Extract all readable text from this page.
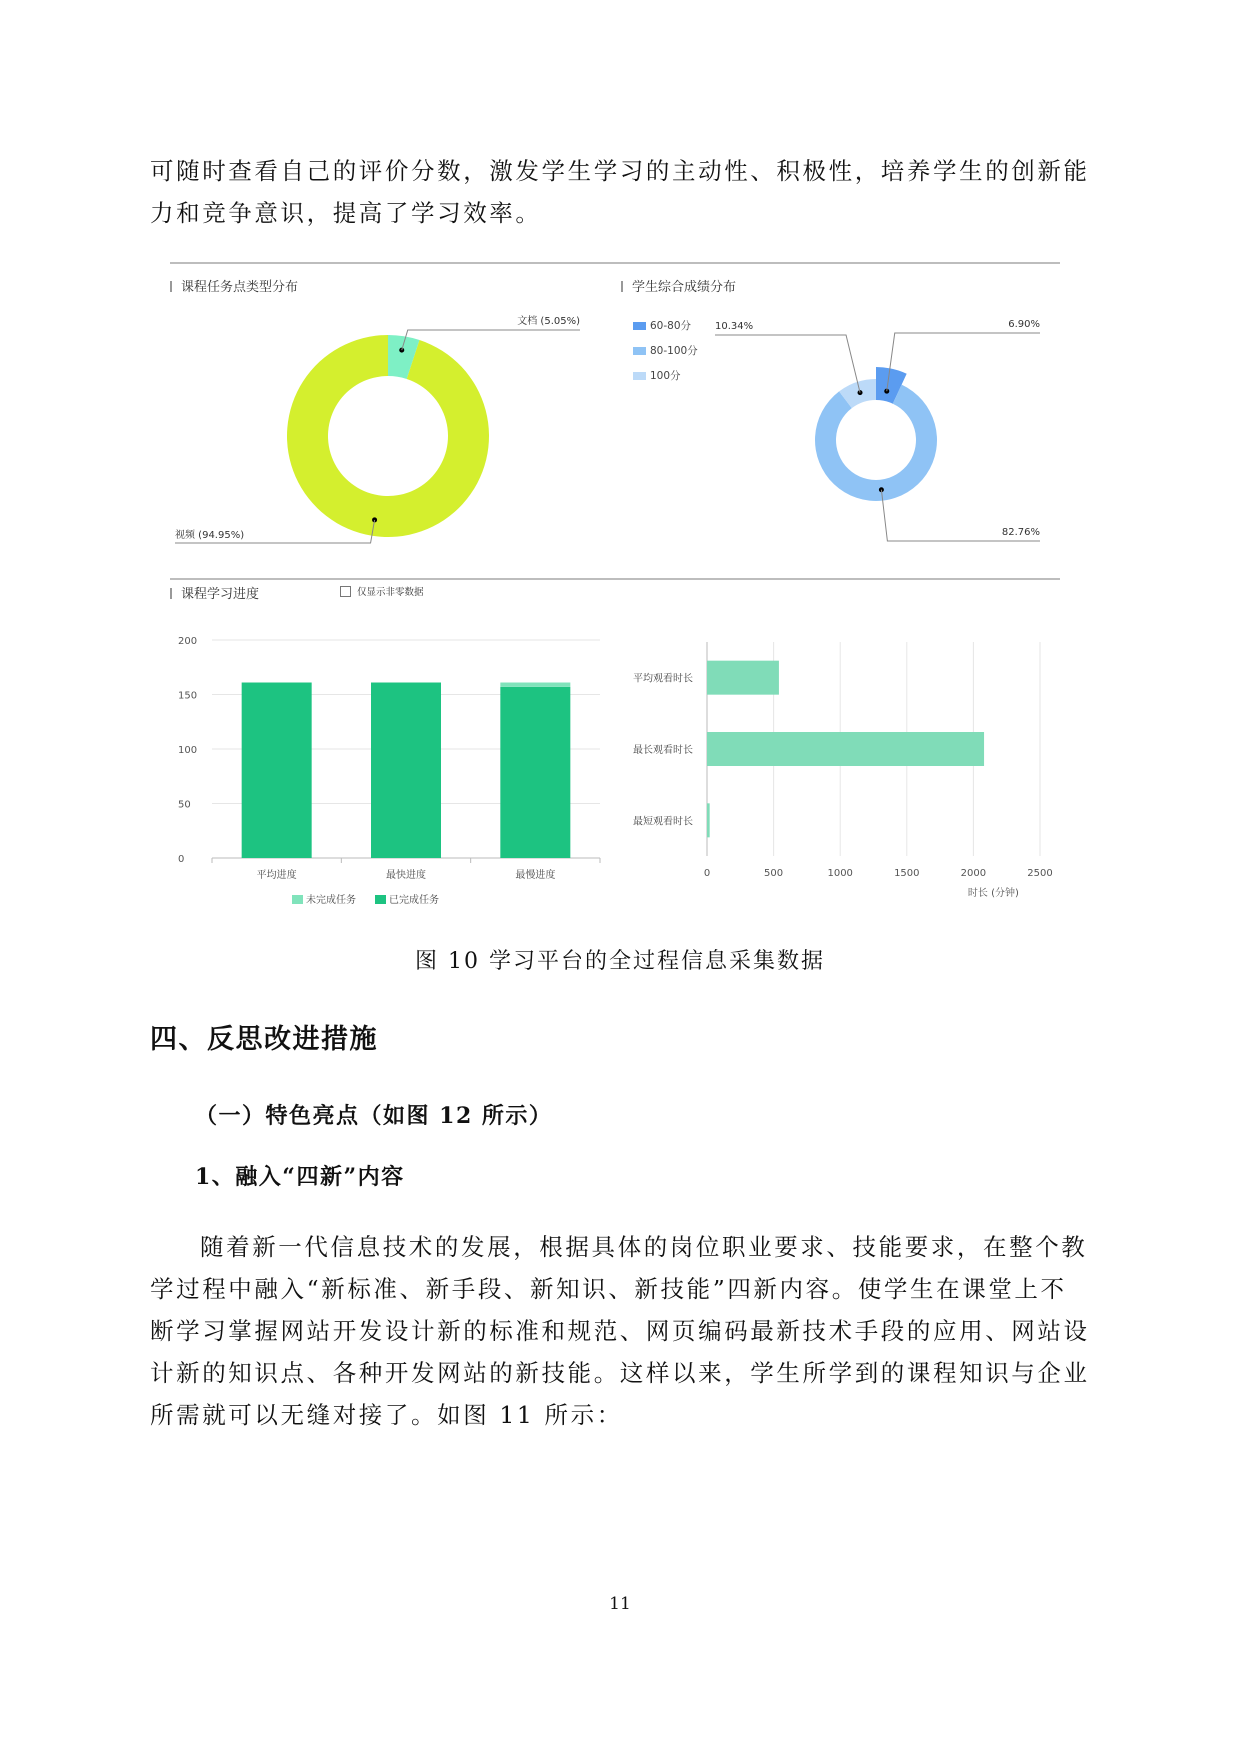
可随时查看自己的评价分数，激发学生学习的主动性、积极性，培养学生的创新能力和竞争意识，提高了学习效率。

课程任务点类型分布
文档 (5.05%)
视频 (94.95%)
学生综合成绩分布
60-80分
80-100分
100分
6.90%
82.76%
10.34%
课程学习进度	仅显示非零数据
0
50
100
150
200
平均进度	最快进度	最慢进度
未完成任务	已完成任务
0	500	1000	1500	2000	2500
平均观看时长
最长观看时长
最短观看时长
时长 (分钟)
图 10 学习平台的全过程信息采集数据
四、反思改进措施
（一）特色亮点（如图 12 所示）
1、融入“四新”内容

随着新一代信息技术的发展，根据具体的岗位职业要求、技能要求，在整个教学过程中融入“新标准、新手段、新知识、新技能”四新内容。使学生在课堂上不断学习掌握网站开发设计新的标准和规范、网页编码最新技术手段的应用、网站设计新的知识点、各种开发网站的新技能。这样以来，学生所学到的课程知识与企业所需就可以无缝对接了。如图 11 所示：

11
